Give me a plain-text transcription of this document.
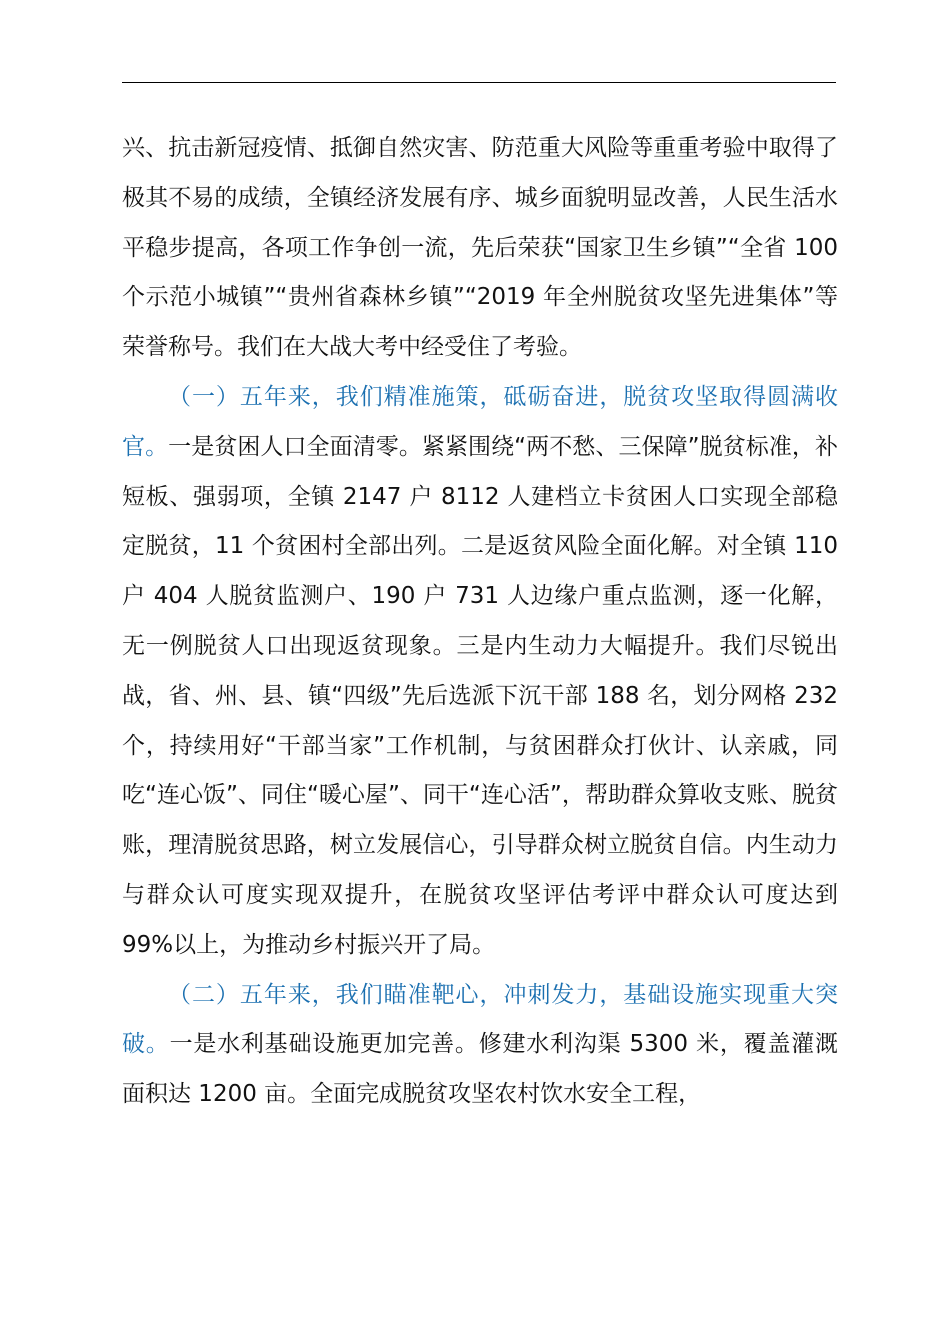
兴、抗击新冠疫情、抵御自然灾害、防范重大风险等重重考验中取得了极其不易的成绩，全镇经济发展有序、城乡面貌明显改善，人民生活水平稳步提高，各项工作争创一流，先后荣获“国家卫生乡镇”“全省 100 个示范小城镇”“贵州省森林乡镇”“2019 年全州脱贫攻坚先进集体”等荣誉称号。我们在大战大考中经受住了考验。

（一）五年来，我们精准施策，砥砺奋进，脱贫攻坚取得圆满收官。一是贫困人口全面清零。紧紧围绕“两不愁、三保障”脱贫标准，补短板、强弱项，全镇 2147 户 8112 人建档立卡贫困人口实现全部稳定脱贫，11 个贫困村全部出列。二是返贫风险全面化解。对全镇 110 户 404 人脱贫监测户、190 户 731 人边缘户重点监测，逐一化解，无一例脱贫人口出现返贫现象。三是内生动力大幅提升。我们尽锐出战，省、州、县、镇“四级”先后选派下沉干部 188 名，划分网格 232 个，持续用好“干部当家”工作机制，与贫困群众打伙计、认亲戚，同吃“连心饭”、同住“暖心屋”、同干“连心活”，帮助群众算收支账、脱贫账，理清脱贫思路，树立发展信心，引导群众树立脱贫自信。内生动力与群众认可度实现双提升，在脱贫攻坚评估考评中群众认可度达到 99%以上，为推动乡村振兴开了局。

（二）五年来，我们瞄准靶心，冲刺发力，基础设施实现重大突破。一是水利基础设施更加完善。修建水利沟渠 5300 米，覆盖灌溉面积达 1200 亩。全面完成脱贫攻坚农村饮水安全工程，
